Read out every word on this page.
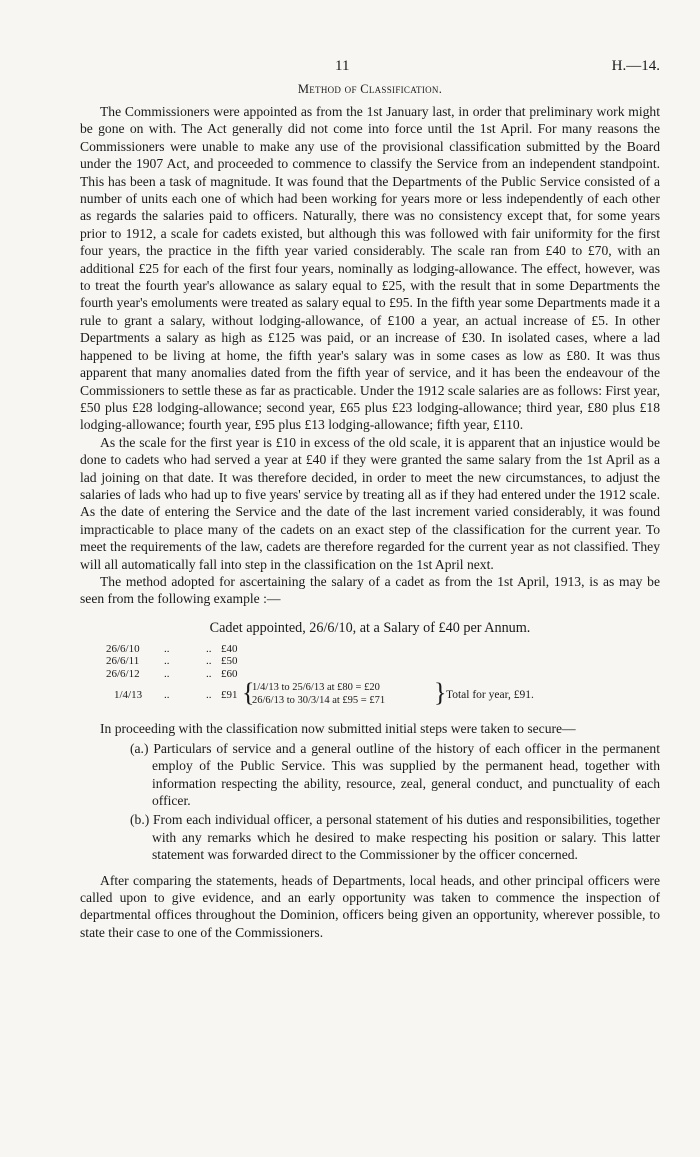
11	H.—14.
Method of Classification.

The Commissioners were appointed as from the 1st January last, in order that preliminary work might be gone on with. The Act generally did not come into force until the 1st April. For many reasons the Commissioners were unable to make any use of the provisional classification submitted by the Board under the 1907 Act, and proceeded to commence to classify the Service from an independent standpoint. This has been a task of magnitude. It was found that the Departments of the Public Service consisted of a number of units each one of which had been working for years more or less independently of each other as regards the salaries paid to officers. Naturally, there was no consistency except that, for some years prior to 1912, a scale for cadets existed, but although this was followed with fair uniformity for the first four years, the practice in the fifth year varied considerably. The scale ran from £40 to £70, with an additional £25 for each of the first four years, nominally as lodging-allowance. The effect, however, was to treat the fourth year's allowance as salary equal to £25, with the result that in some Departments the fourth year's emoluments were treated as salary equal to £95. In the fifth year some Departments made it a rule to grant a salary, without lodging-allowance, of £100 a year, an actual increase of £5. In other Departments a salary as high as £125 was paid, or an increase of £30. In isolated cases, where a lad happened to be living at home, the fifth year's salary was in some cases as low as £80. It was thus apparent that many anomalies dated from the fifth year of service, and it has been the endeavour of the Commissioners to settle these as far as practicable. Under the 1912 scale salaries are as follows: First year, £50 plus £28 lodging-allowance; second year, £65 plus £23 lodging-allowance; third year, £80 plus £18 lodging-allowance; fourth year, £95 plus £13 lodging-allowance; fifth year, £110.

As the scale for the first year is £10 in excess of the old scale, it is apparent that an injustice would be done to cadets who had served a year at £40 if they were granted the same salary from the 1st April as a lad joining on that date. It was therefore decided, in order to meet the new circumstances, to adjust the salaries of lads who had up to five years' service by treating all as if they had entered under the 1912 scale. As the date of entering the Service and the date of the last increment varied considerably, it was found impracticable to place many of the cadets on an exact step of the classification for the current year. To meet the requirements of the law, cadets are therefore regarded for the current year as not classified. They will all automatically fall into step in the classification on the 1st April next.

The method adopted for ascertaining the salary of a cadet as from the 1st April, 1913, is as may be seen from the following example :—

Cadet appointed, 26/6/10, at a Salary of £40 per Annum.
26/6/10 ..	.. £40
26/6/11 ..	.. £50
26/6/12 ..	.. £60
1/4/13 ..	.. £91 {
1/4/13 to 25/6/13 at £80 = £20
26/6/13 to 30/3/14 at £95 = £71 } Total for year, £91.

In proceeding with the classification now submitted initial steps were taken to secure—

(a.) Particulars of service and a general outline of the history of each officer in the permanent employ of the Public Service. This was supplied by the permanent head, together with information respecting the ability, resource, zeal, general conduct, and punctuality of each officer.

(b.) From each individual officer, a personal statement of his duties and responsibilities, together with any remarks which he desired to make respecting his position or salary. This latter statement was forwarded direct to the Commissioner by the officer concerned.

After comparing the statements, heads of Departments, local heads, and other principal officers were called upon to give evidence, and an early opportunity was taken to commence the inspection of departmental offices throughout the Dominion, officers being given an opportunity, wherever possible, to state their case to one of the Commissioners.
